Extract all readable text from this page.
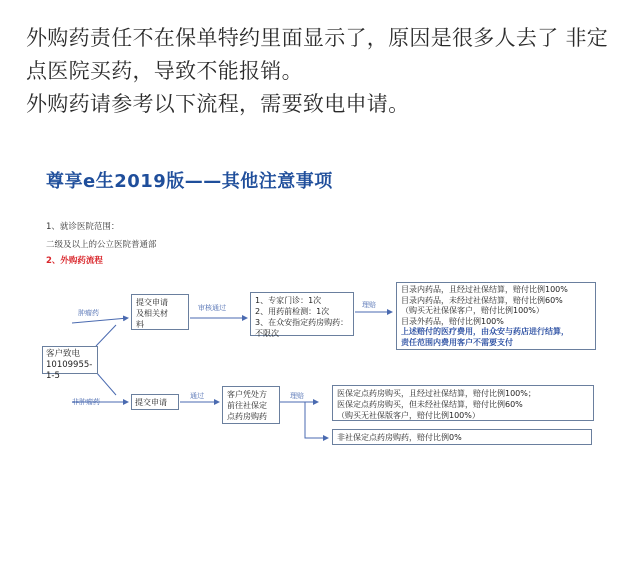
外购药责任不在保单特约里面显示了，原因是很多人去了 非定点医院买药，导致不能报销。

外购药请参考以下流程，需要致电申请。

尊享e生2019版——其他注意事项
1、就诊医院范围：
二级及以上的公立医院普通部
2、外购药流程
肿瘤药
非肿瘤药
审核通过	理赔
通过	理赔
客户致电
10109955-1-5
提交申请
及相关材
料
1、专家门诊：1次
2、用药前检测：1次
3、在众安指定药房购药：
不限次
目录内药品，且经过社保结算，赔付比例100%
目录内药品，未经过社保结算，赔付比例60%
（购买无社保保客户，赔付比例100%）
目录外药品，赔付比例100%
上述赔付的医疗费用，由众安与药店进行结算，
责任范围内费用客户不需要支付
提交申请
客户凭处方
前往社保定
点药房购药
医保定点药房购买，且经过社保结算，赔付比例100%；
医保定点药房购买，但未经社保结算，赔付比例60%
（购买无社保版客户，赔付比例100%）
非社保定点药房购药，赔付比例0%
